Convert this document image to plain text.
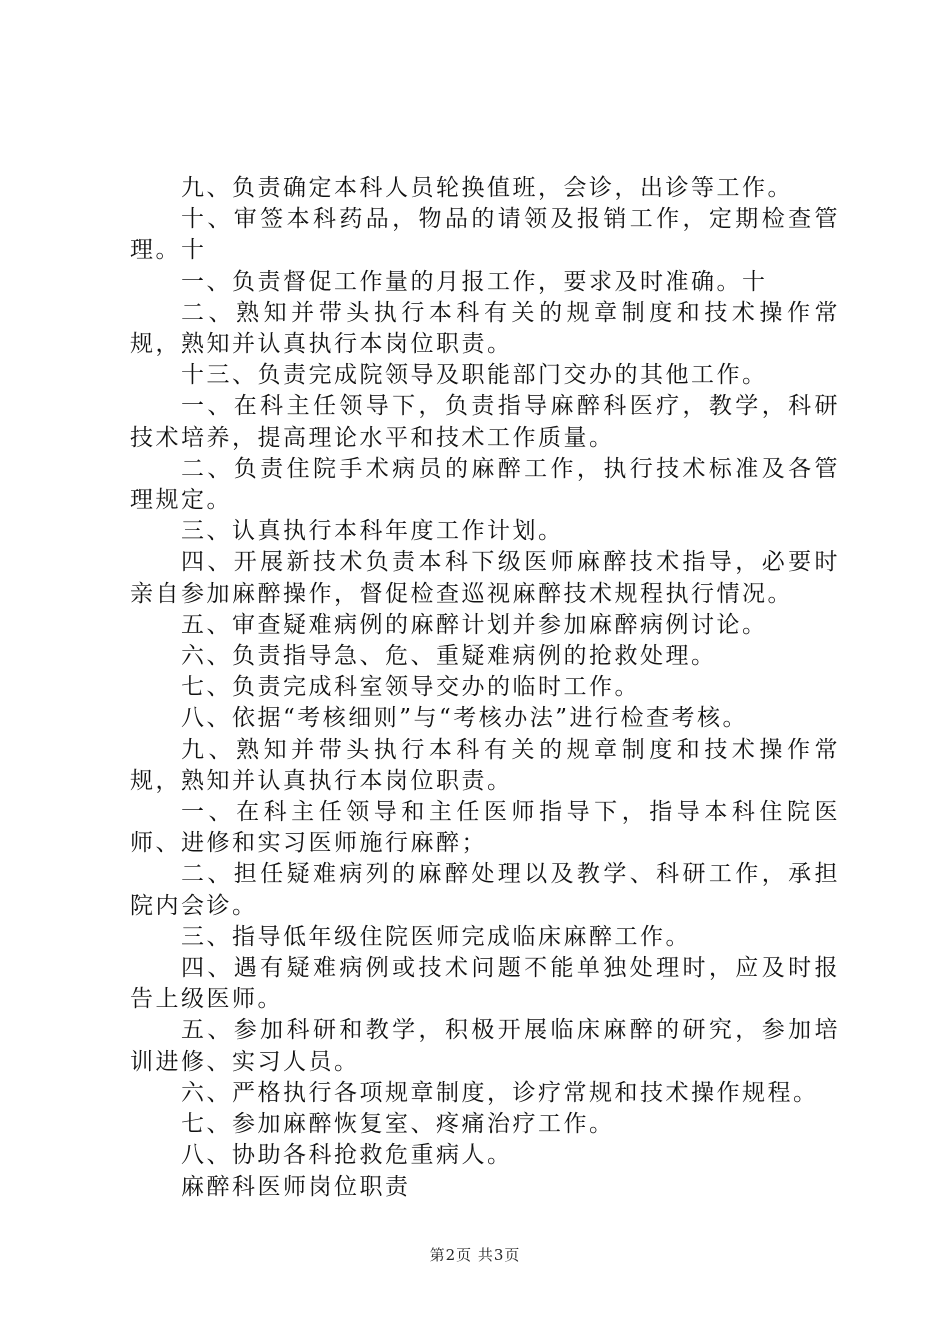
九、负责确定本科人员轮换值班，会诊，出诊等工作。

十、审签本科药品，物品的请领及报销工作，定期检查管理。十

一、负责督促工作量的月报工作，要求及时准确。十

二、熟知并带头执行本科有关的规章制度和技术操作常规，熟知并认真执行本岗位职责。

十三、负责完成院领导及职能部门交办的其他工作。

一、在科主任领导下，负责指导麻醉科医疗，教学，科研技术培养，提高理论水平和技术工作质量。

二、负责住院手术病员的麻醉工作，执行技术标准及各管理规定。

三、认真执行本科年度工作计划。

四、开展新技术负责本科下级医师麻醉技术指导，必要时亲自参加麻醉操作，督促检查巡视麻醉技术规程执行情况。

五、审查疑难病例的麻醉计划并参加麻醉病例讨论。

六、负责指导急、危、重疑难病例的抢救处理。

七、负责完成科室领导交办的临时工作。

八、依据“考核细则”与“考核办法”进行检查考核。

九、熟知并带头执行本科有关的规章制度和技术操作常规，熟知并认真执行本岗位职责。

一、在科主任领导和主任医师指导下，指导本科住院医师、进修和实习医师施行麻醉；

二、担任疑难病列的麻醉处理以及教学、科研工作，承担院内会诊。

三、指导低年级住院医师完成临床麻醉工作。

四、遇有疑难病例或技术问题不能单独处理时，应及时报告上级医师。

五、参加科研和教学，积极开展临床麻醉的研究，参加培训进修、实习人员。

六、严格执行各项规章制度，诊疗常规和技术操作规程。

七、参加麻醉恢复室、疼痛治疗工作。

八、协助各科抢救危重病人。

麻醉科医师岗位职责

第2页 共3页
